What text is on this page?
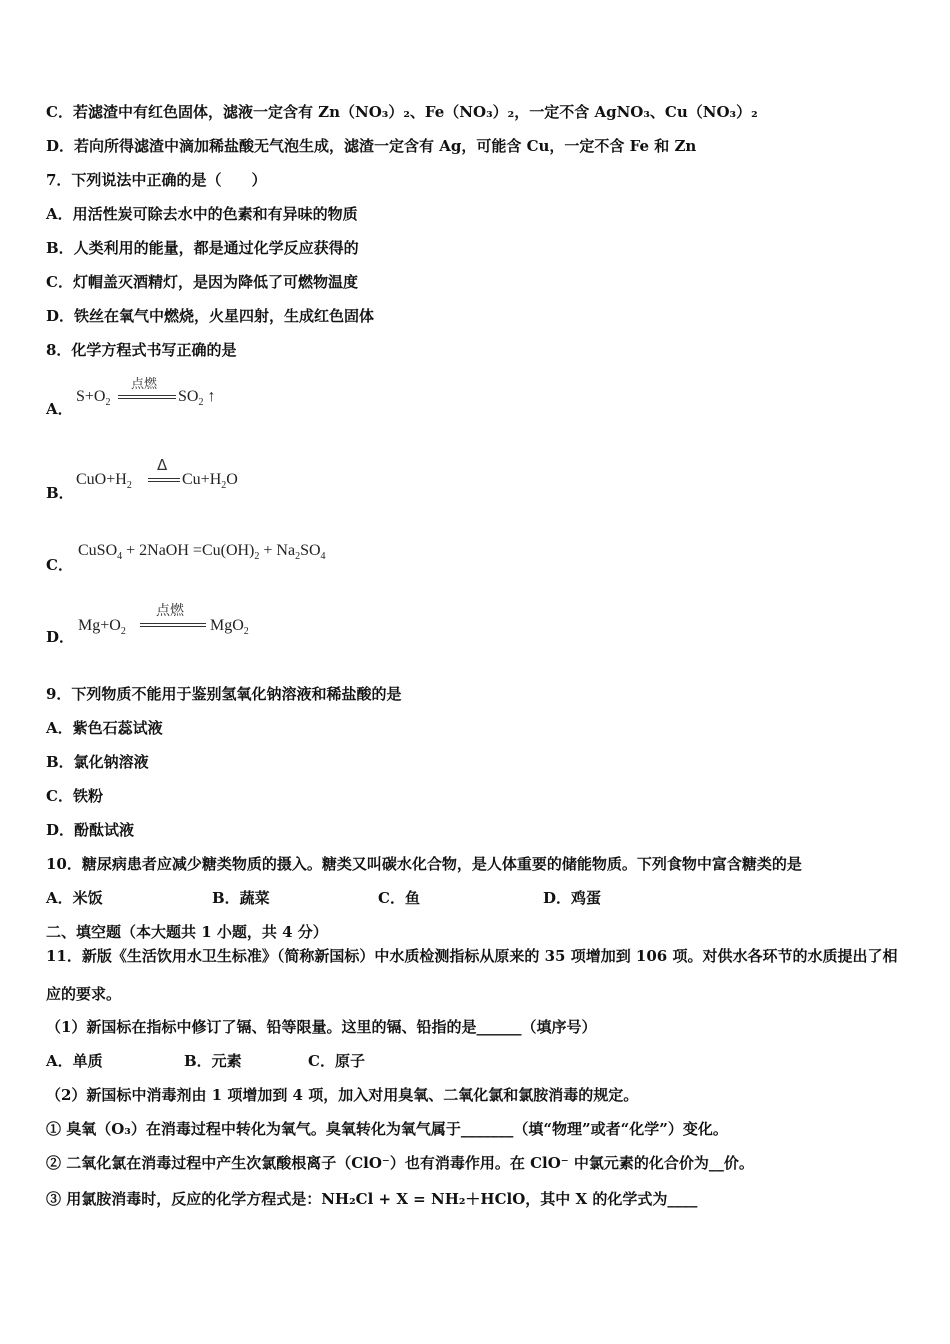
C．若滤渣中有红色固体，滤液一定含有 Zn（NO₃）₂、Fe（NO₃）₂，一定不含 AgNO₃、Cu（NO₃）₂
D．若向所得滤渣中滴加稀盐酸无气泡生成，滤渣一定含有 Ag，可能含 Cu，一定不含 Fe 和 Zn
7．下列说法中正确的是（　　）
A．用活性炭可除去水中的色素和有异味的物质
B．人类利用的能量，都是通过化学反应获得的
C．灯帽盖灭酒精灯，是因为降低了可燃物温度
D．铁丝在氧气中燃烧，火星四射，生成红色固体
8．化学方程式书写正确的是
A．
$S+O_2$
点燃
$SO_2$ ↑
B．
$CuO+H_2$
Δ
$Cu+H_2O$
C．
CuSO$_4$ + 2NaOH $=Cu(OH)_2 + Na_2SO_4$
D．
$Mg+O_2$
点燃
MgO$_2$
9．下列物质不能用于鉴别氢氧化钠溶液和稀盐酸的是
A．紫色石蕊试液
B．氯化钠溶液
C．铁粉
D．酚酞试液
10．糖尿病患者应减少糖类物质的摄入。糖类又叫碳水化合物，是人体重要的储能物质。下列食物中富含糖类的是
A．米饭	B．蔬菜	C．鱼	D．鸡蛋
二、填空题（本大题共 1 小题，共 4 分）
11．新版《生活饮用水卫生标准》（简称新国标）中水质检测指标从原来的 35 项增加到 106 项。对供水各环节的水质提出了相应的要求。
（1）新国标在指标中修订了镉、铅等限量。这里的镉、铅指的是______（填序号）
A．单质	B．元素	C．原子
（2）新国标中消毒剂由 1 项增加到 4 项，加入对用臭氧、二氧化氯和氯胺消毒的规定。
① 臭氧（O₃）在消毒过程中转化为氧气。臭氧转化为氧气属于_______（填“物理”或者“化学”）变化。
② 二氧化氯在消毒过程中产生次氯酸根离子（ClO⁻）也有消毒作用。在 ClO⁻ 中氯元素的化合价为__价。
③ 用氯胺消毒时，反应的化学方程式是：NH₂Cl + X = NH₂＋HClO，其中 X 的化学式为____
